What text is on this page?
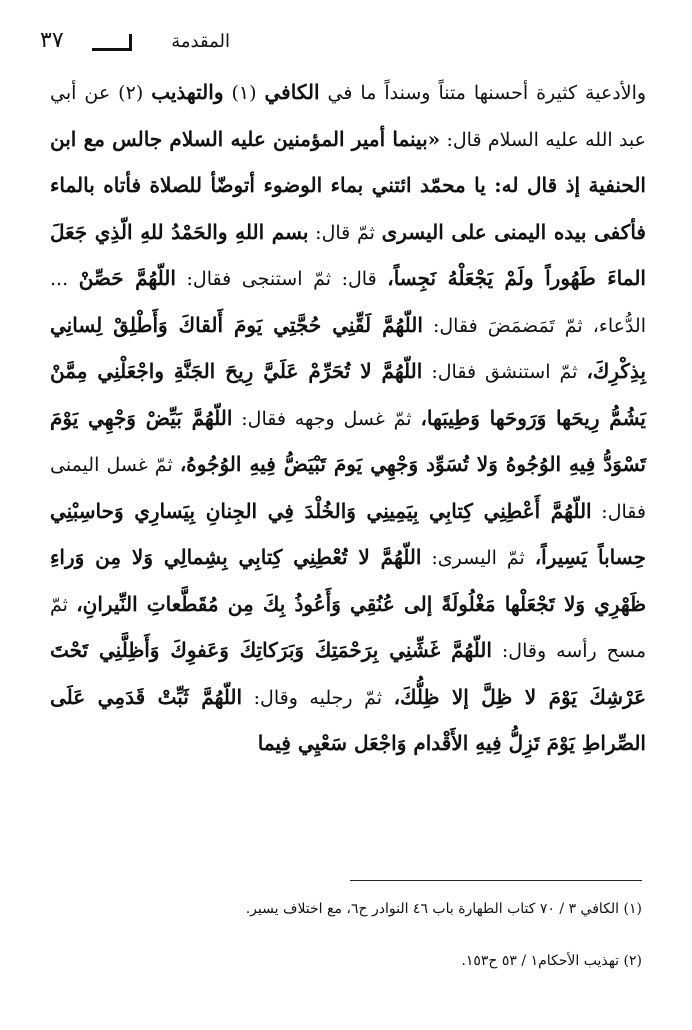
٣٧	المقدمة

والأدعية كثيرة أحسنها متناً وسنداً ما في الكافي (١) والتهذيب (٢) عن أبي عبد الله عليه السلام قال: «بينما أمير المؤمنين عليه السلام جالس مع ابن الحنفية إذ قال له: يا محمّد ائتني بماء الوضوء أتوضّأ للصلاة فأتاه بالماء فأكفى بيده اليمنى على اليسرى ثمّ قال: بسم اللهِ والحَمْدُ للهِ الّذِي جَعَلَ الماءَ طَهُوراً ولَمْ يَجْعَلْهُ نَجِساً، قال: ثمّ استنجى فقال: اللّهُمَّ حَصِّنْ ... الدُّعاء، ثمّ تَمَضمَضَ فقال: اللّهُمَّ لَقِّنِي حُجَّتِي يَومَ أَلقاكَ وَأَطْلِقْ لِسانِي بِذِكْرِكَ، ثمّ استنشق فقال: اللّهُمَّ لا تُحَرِّمْ عَلَيَّ رِيحَ الجَنَّةِ واجْعَلْنِي مِمَّنْ يَشُمُّ رِيحَها وَرَوحَها وَطِيبَها، ثمّ غسل وجهه فقال: اللّهُمَّ بَيِّضْ وَجْهِي يَوْمَ تَسْوَدُّ فِيهِ الوُجُوهُ وَلا تُسَوِّد وَجْهِي يَومَ تَبْيَضُّ فِيهِ الوُجُوهُ، ثمّ غسل اليمنى فقال: اللّهُمَّ أَعْطِنِي كِتابِي بِيَمِينِي وَالخُلْدَ فِي الجِنانِ بِيَسارِي وَحاسِبْنِي حِساباً يَسِيراً، ثمّ اليسرى: اللّهُمَّ لا تُعْطِنِي كِتابِي بِشِمالِي وَلا مِن وَراءِ ظَهْرِي وَلا تَجْعَلْها مَغْلُولَةً إلى عُنُقِي وَأَعُوذُ بِكَ مِن مُقَطَّعاتِ النِّيرانِ، ثمّ مسح رأسه وقال: اللّهُمَّ غَشِّنِي بِرَحْمَتِكَ وَبَرَكاتِكَ وَعَفوِكَ وَأَظِلَّنِي تَحْتَ عَرْشِكَ يَوْمَ لا ظِلَّ إلا ظِلُّكَ، ثمّ رجليه وقال: اللّهُمَّ ثَبِّتْ قَدَمِي عَلَى الصِّراطِ يَوْمَ تَزِلُّ فِيهِ الأَقْدام وَاجْعَل سَعْيِي فِيما

(١) الكافي ٣ / ٧٠ كتاب الطهارة باب ٤٦ النوادر ح٦، مع اختلاف يسير.

(٢) تهذيب الأحكام١ / ٥٣ ح١٥٣.
